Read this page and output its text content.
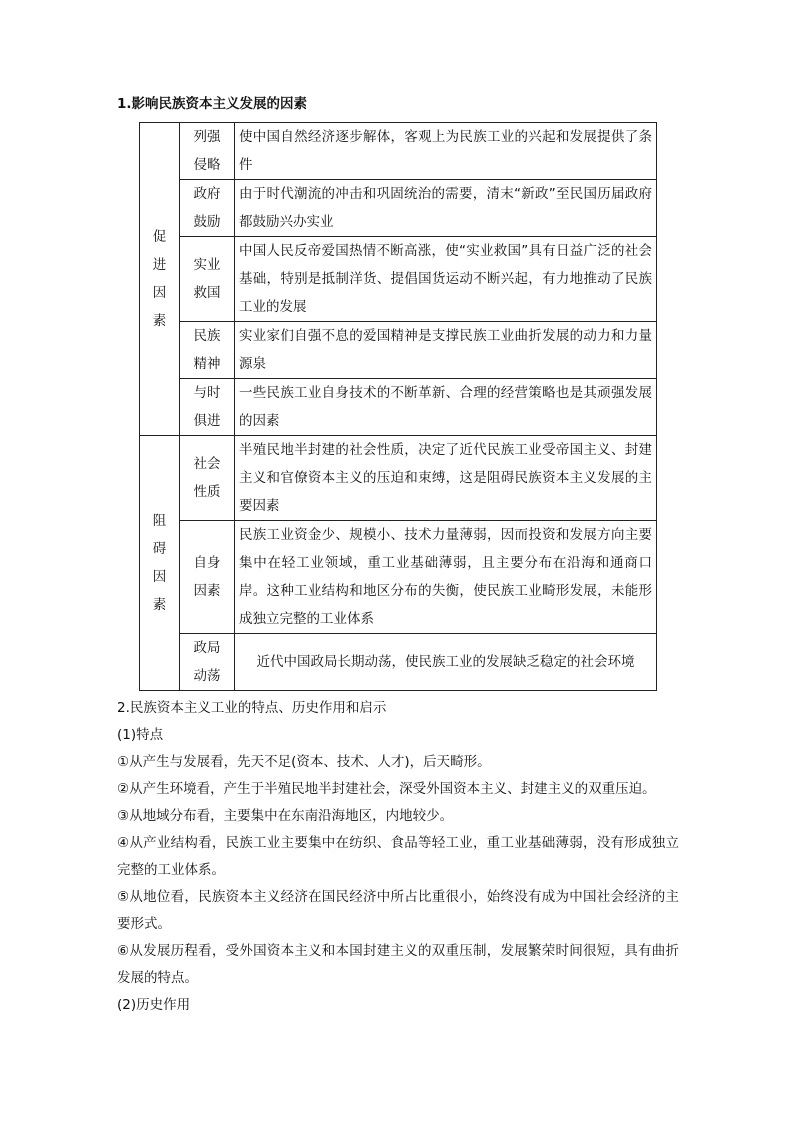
1.影响民族资本主义发展的因素
促进因素	列强侵略	使中国自然经济逐步解体，客观上为民族工业的兴起和发展提供了条件
	政府鼓励	由于时代潮流的冲击和巩固统治的需要，清末“新政”至民国历届政府都鼓励兴办实业
	实业救国	中国人民反帝爱国热情不断高涨，使“实业救国”具有日益广泛的社会基础，特别是抵制洋货、提倡国货运动不断兴起，有力地推动了民族工业的发展
	民族精神	实业家们自强不息的爱国精神是支撑民族工业曲折发展的动力和力量源泉
	与时俱进	一些民族工业自身技术的不断革新、合理的经营策略也是其顽强发展的因素
阻碍因素	社会性质	半殖民地半封建的社会性质，决定了近代民族工业受帝国主义、封建主义和官僚资本主义的压迫和束缚，这是阻碍民族资本主义发展的主要因素
	自身因素	民族工业资金少、规模小、技术力量薄弱，因而投资和发展方向主要集中在轻工业领域，重工业基础薄弱，且主要分布在沿海和通商口岸。这种工业结构和地区分布的失衡，使民族工业畸形发展，未能形成独立完整的工业体系
	政局动荡	近代中国政局长期动荡，使民族工业的发展缺乏稳定的社会环境
2.民族资本主义工业的特点、历史作用和启示

(1)特点

①从产生与发展看，先天不足(资本、技术、人才)，后天畸形。

②从产生环境看，产生于半殖民地半封建社会，深受外国资本主义、封建主义的双重压迫。

③从地域分布看，主要集中在东南沿海地区，内地较少。

④从产业结构看，民族工业主要集中在纺织、食品等轻工业，重工业基础薄弱，没有形成独立完整的工业体系。

⑤从地位看，民族资本主义经济在国民经济中所占比重很小，始终没有成为中国社会经济的主要形式。

⑥从发展历程看，受外国资本主义和本国封建主义的双重压制，发展繁荣时间很短，具有曲折发展的特点。

(2)历史作用
